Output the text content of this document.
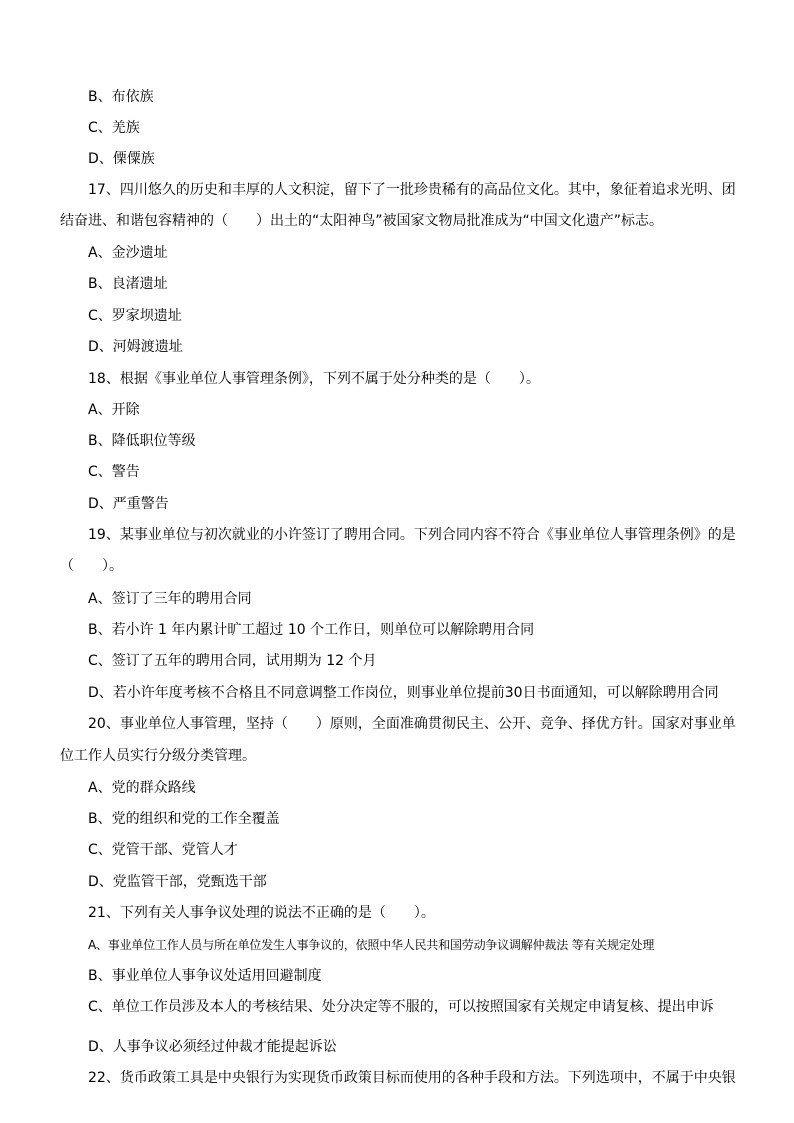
B、布依族
C、羌族
D、傈僳族
17、四川悠久的历史和丰厚的人文积淀，留下了一批珍贵稀有的高品位文化。其中，象征着追求光明、团
结奋进、和谐包容精神的（　　）出土的“太阳神鸟”被国家文物局批准成为“中国文化遗产”标志。
A、金沙遗址
B、良渚遗址
C、罗家坝遗址
D、河姆渡遗址
18、根据《事业单位人事管理条例》，下列不属于处分种类的是（　　）。
A、开除
B、降低职位等级
C、警告
D、严重警告
19、某事业单位与初次就业的小许签订了聘用合同。下列合同内容不符合《事业单位人事管理条例》的是
（　　）。
A、签订了三年的聘用合同
B、若小许 1 年内累计旷工超过 10 个工作日，则单位可以解除聘用合同
C、签订了五年的聘用合同，试用期为 12 个月
D、若小许年度考核不合格且不同意调整工作岗位，则事业单位提前30日书面通知，可以解除聘用合同
20、事业单位人事管理，坚持（　　）原则，全面准确贯彻民主、公开、竞争、择优方针。国家对事业单
位工作人员实行分级分类管理。
A、党的群众路线
B、党的组织和党的工作全覆盖
C、党管干部、党管人才
D、党监管干部，党甄选干部
21、下列有关人事争议处理的说法不正确的是（　　）。
A、事业单位工作人员与所在单位发生人事争议的，依照中华人民共和国劳动争议调解仲裁法 等有关规定处理
B、事业单位人事争议处适用回避制度
C、单位工作员涉及本人的考核结果、处分决定等不服的，可以按照国家有关规定申请复核、提出申诉
D、人事争议必须经过仲裁才能提起诉讼
22、货币政策工具是中央银行为实现货币政策目标而使用的各种手段和方法。下列选项中，不属于中央银
